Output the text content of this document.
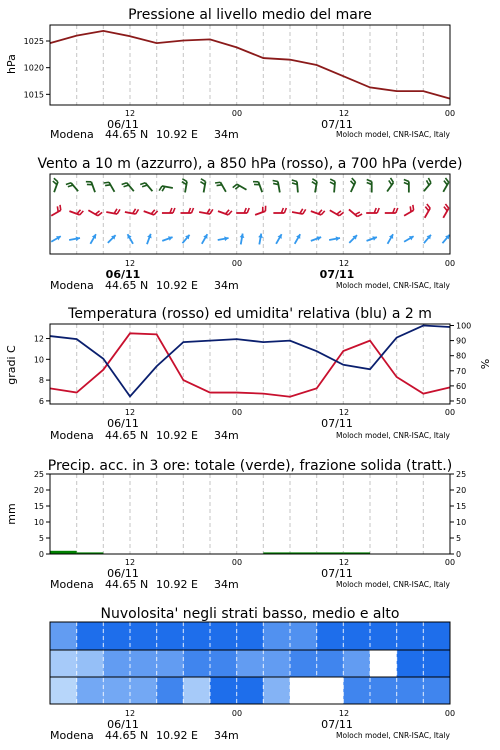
Pressione al livello medio del mare
hPa
1015
1020
1025
12	00	12	00
06/11	07/11
Modena 44.65 N 10.92 E 34m	Moloch model, CNR-ISAC, Italy
Vento a 10 m (azzurro), a 850 hPa (rosso), a 700 hPa (verde)
12	00	12	00
06/11	07/11
Modena 44.65 N 10.92 E 34m	Moloch model, CNR-ISAC, Italy
Temperatura (rosso) ed umidita' relativa (blu) a 2 m
gradi C	%
6
8
10
12
50
60
70
80
90
100
12	00	12	00
06/11	07/11
Modena 44.65 N 10.92 E 34m	Moloch model, CNR-ISAC, Italy
Precip. acc. in 3 ore: totale (verde), frazione solida (tratt.)
mm
0
5
10
15
20
25
0
5
10
15
20
25
12	00	12	00
06/11	07/11
Modena 44.65 N 10.92 E 34m	Moloch model, CNR-ISAC, Italy
Nuvolosita' negli strati basso, medio e alto
12	00	12	00
06/11	07/11
Modena 44.65 N 10.92 E 34m	Moloch model, CNR-ISAC, Italy
